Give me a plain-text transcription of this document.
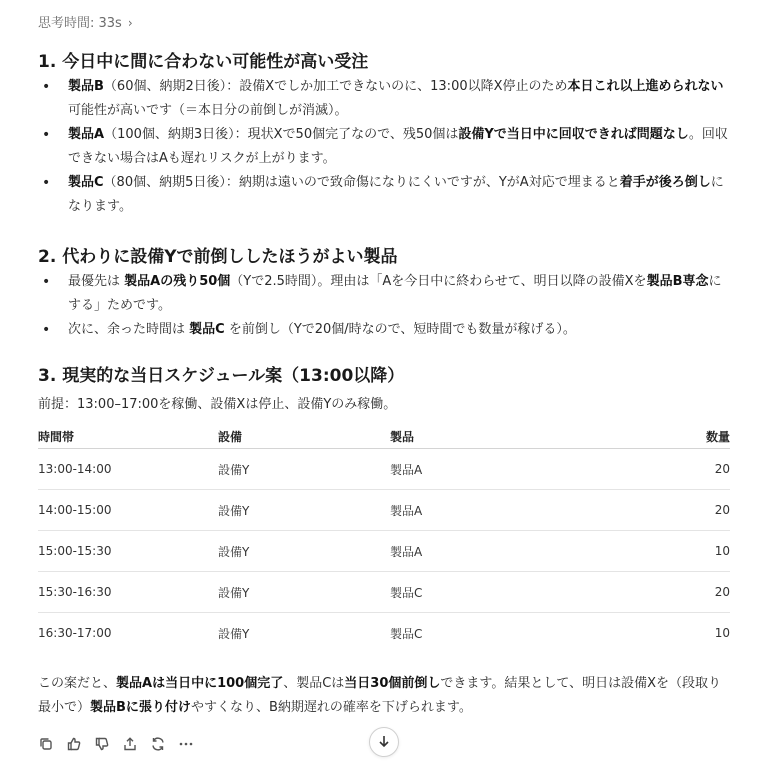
思考時間: 33s ›
1. 今日中に間に合わない可能性が高い受注
• 製品B（60個、納期2日後）：設備Xでしか加工できないのに、13:00以降X停止のため本日これ以上進められない可能性が高いです（＝本日分の前倒しが消滅）。
• 製品A（100個、納期3日後）：現状Xで50個完了なので、残50個は設備Yで当日中に回収できれば問題なし。回収できない場合はAも遅れリスクが上がります。
• 製品C（80個、納期5日後）：納期は遠いので致命傷になりにくいですが、YがA対応で埋まると着手が後ろ倒しになります。
2. 代わりに設備Yで前倒ししたほうがよい製品
• 最優先は 製品Aの残り50個（Yで2.5時間）。理由は「Aを今日中に終わらせて、明日以降の設備Xを製品B専念にする」ためです。
• 次に、余った時間は 製品C を前倒し（Yで20個/時なので、短時間でも数量が稼げる）。
3. 現実的な当日スケジュール案（13:00以降）

前提：13:00–17:00を稼働、設備Xは停止、設備Yのみ稼働。

時間帯	設備	製品	数量
13:00-14:00	設備Y	製品A	20
14:00-15:00	設備Y	製品A	20
15:00-15:30	設備Y	製品A	10
15:30-16:30	設備Y	製品C	20
16:30-17:00	設備Y	製品C	10

この案だと、製品Aは当日中に100個完了、製品Cは当日30個前倒しできます。結果として、明日は設備Xを（段取り最小で）製品Bに張り付けやすくなり、B納期遅れの確率を下げられます。
